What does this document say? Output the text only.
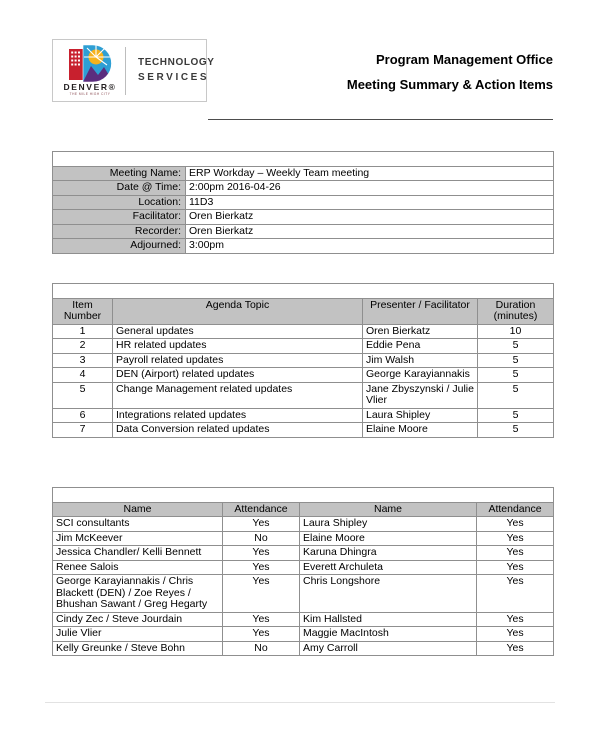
DENVER®
THE MILE HIGH CITY
TECHNOLOGY
SERVICES
Program Management Office
Meeting Summary & Action Items
Meeting Description:	
Meeting Name:	ERP Workday – Weekly Team meeting
Date @ Time:	2:00pm 2016-04-26
Location:	11D3
Facilitator:	Oren Bierkatz
Recorder:	Oren Bierkatz
Adjourned:	3:00pm
Agenda:			
Item
Number	Agenda Topic	Presenter / Facilitator	Duration
(minutes)
1	General updates	Oren Bierkatz	10
2	HR related updates	Eddie Pena	5
3	Payroll related updates	Jim Walsh	5
4	DEN (Airport) related updates	George Karayiannakis	5
5	Change Management related updates	Jane Zbyszynski / Julie Vlier	5
6	Integrations related updates	Laura Shipley	5
7	Data Conversion related updates	Elaine Moore	5
Invitees:			
Name	Attendance	Name	Attendance
SCI consultants	Yes	Laura Shipley	Yes
Jim McKeever	No	Elaine Moore	Yes
Jessica Chandler/ Kelli Bennett	Yes	Karuna Dhingra	Yes
Renee Salois	Yes	Everett Archuleta	Yes
George Karayiannakis / Chris Blackett (DEN) / Zoe Reyes / Bhushan Sawant / Greg Hegarty	Yes	Chris Longshore	Yes
Cindy Zec / Steve Jourdain	Yes	Kim Hallsted	Yes
Julie Vlier	Yes	Maggie MacIntosh	Yes
Kelly Greunke / Steve Bohn	No	Amy Carroll	Yes
